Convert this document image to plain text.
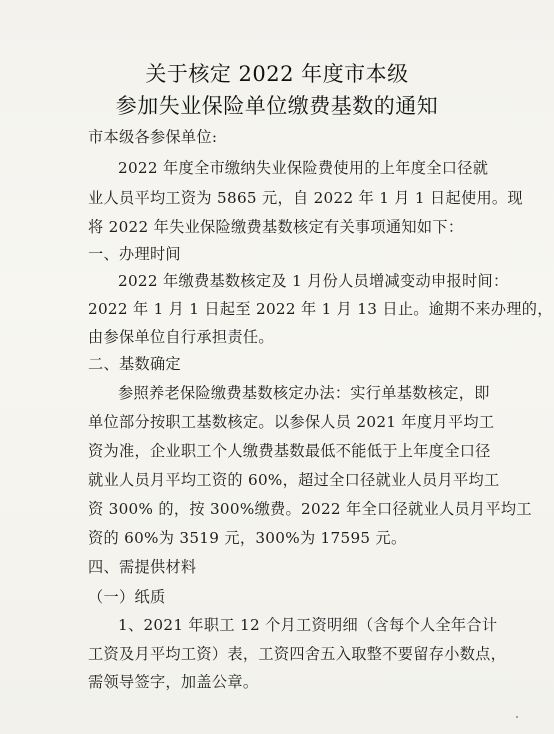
关于核定 2022 年度市本级
参加失业保险单位缴费基数的通知
市本级各参保单位:
2022 年度全市缴纳失业保险费使用的上年度全口径就
业人员平均工资为 5865 元，自 2022 年 1 月 1 日起使用。现
将 2022 年失业保险缴费基数核定有关事项通知如下：
一、办理时间
2022 年缴费基数核定及 1 月份人员增减变动申报时间：
2022 年 1 月 1 日起至 2022 年 1 月 13 日止。逾期不来办理的，
由参保单位自行承担责任。
二、基数确定
参照养老保险缴费基数核定办法：实行单基数核定，即
单位部分按职工基数核定。以参保人员 2021 年度月平均工
资为准，企业职工个人缴费基数最低不能低于上年度全口径
就业人员月平均工资的 60%，超过全口径就业人员月平均工
资 300% 的，按 300%缴费。2022 年全口径就业人员月平均工
资的 60%为 3519 元，300%为 17595 元。
四、需提供材料
（一）纸质
1、2021 年职工 12 个月工资明细（含每个人全年合计
工资及月平均工资）表，工资四舍五入取整不要留存小数点，
需领导签字，加盖公章。
